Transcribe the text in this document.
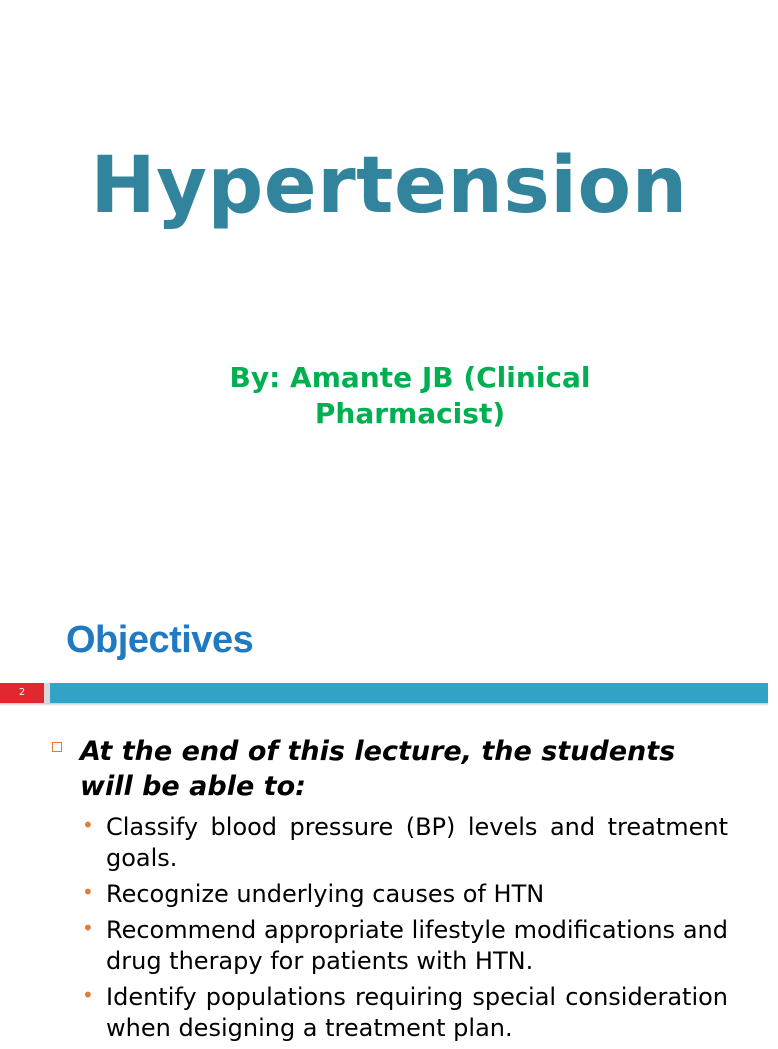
Hypertension
By: Amante JB (Clinical Pharmacist)
Objectives
2
At the end of this lecture, the students will be able to:
• Classify blood pressure (BP) levels and treatment goals.
• Recognize underlying causes of HTN
• Recommend appropriate lifestyle modifications and drug therapy for patients with HTN.
• Identify populations requiring special consideration when designing a treatment plan.
